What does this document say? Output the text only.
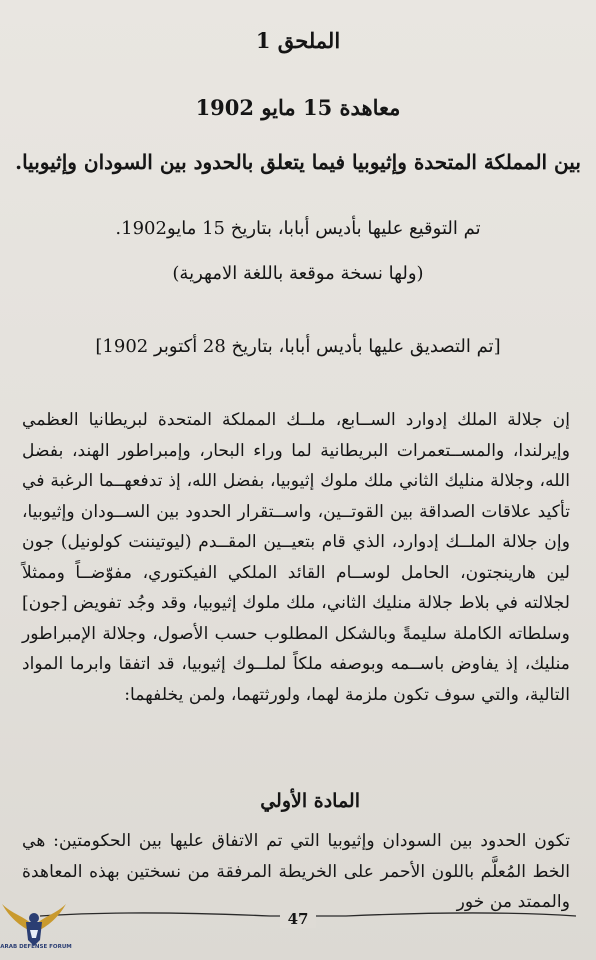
الملحق 1
معاهدة 15 مايو 1902
بين المملكة المتحدة وإثيوبيا فيما يتعلق بالحدود بين السودان وإثيوبيا.
تم التوقيع عليها بأديس أبابا، بتاريخ 15 مايو1902.
(ولها نسخة موقعة باللغة الامهرية)
[تم التصديق عليها بأديس أبابا، بتاريخ 28 أكتوبر 1902]

إن جلالة الملك إدوارد الســابع، ملــك المملكة المتحدة لبريطانيا العظمي وإيرلندا، والمســتعمرات البريطانية لما وراء البحار، وإمبراطور الهند، بفضل الله، وجلالة منليك الثاني ملك ملوك إثيوبيا، بفضل الله، إذ تدفعهــما الرغبة في تأكيد علاقات الصداقة بين القوتــين، واســتقرار الحدود بين الســودان وإثيوبيا، وإن جلالة الملــك إدوارد، الذي قام بتعيــين المقــدم (ليوتيننت كولونيل) جون لين هارينجتون، الحامل لوســام القائد الملكي الفيكتوري، مفوّضــاً وممثلاً لجلالته في بلاط جلالة منليك الثاني، ملك ملوك إثيوبيا، وقد وجُد تفويض [جون] وسلطاته الكاملة سليمةً وبالشكل المطلوب حسب الأصول، وجلالة الإمبراطور منليك، إذ يفاوض باســمه وبوصفه ملكاً لملــوك إثيوبيا، قد اتفقا وابرما المواد التالية، والتي سوف تكون ملزمة لهما، ولورثتهما، ولمن يخلفهما:

المادة الأولي

تكون الحدود بين السودان وإثيوبيا التي تم الاتفاق عليها بين الحكومتين: هي الخط المُعلَّم باللون الأحمر على الخريطة المرفقة من نسختين بهذه المعاهدة والممتد من خور

47
ARAB DEFENSE FORUM
